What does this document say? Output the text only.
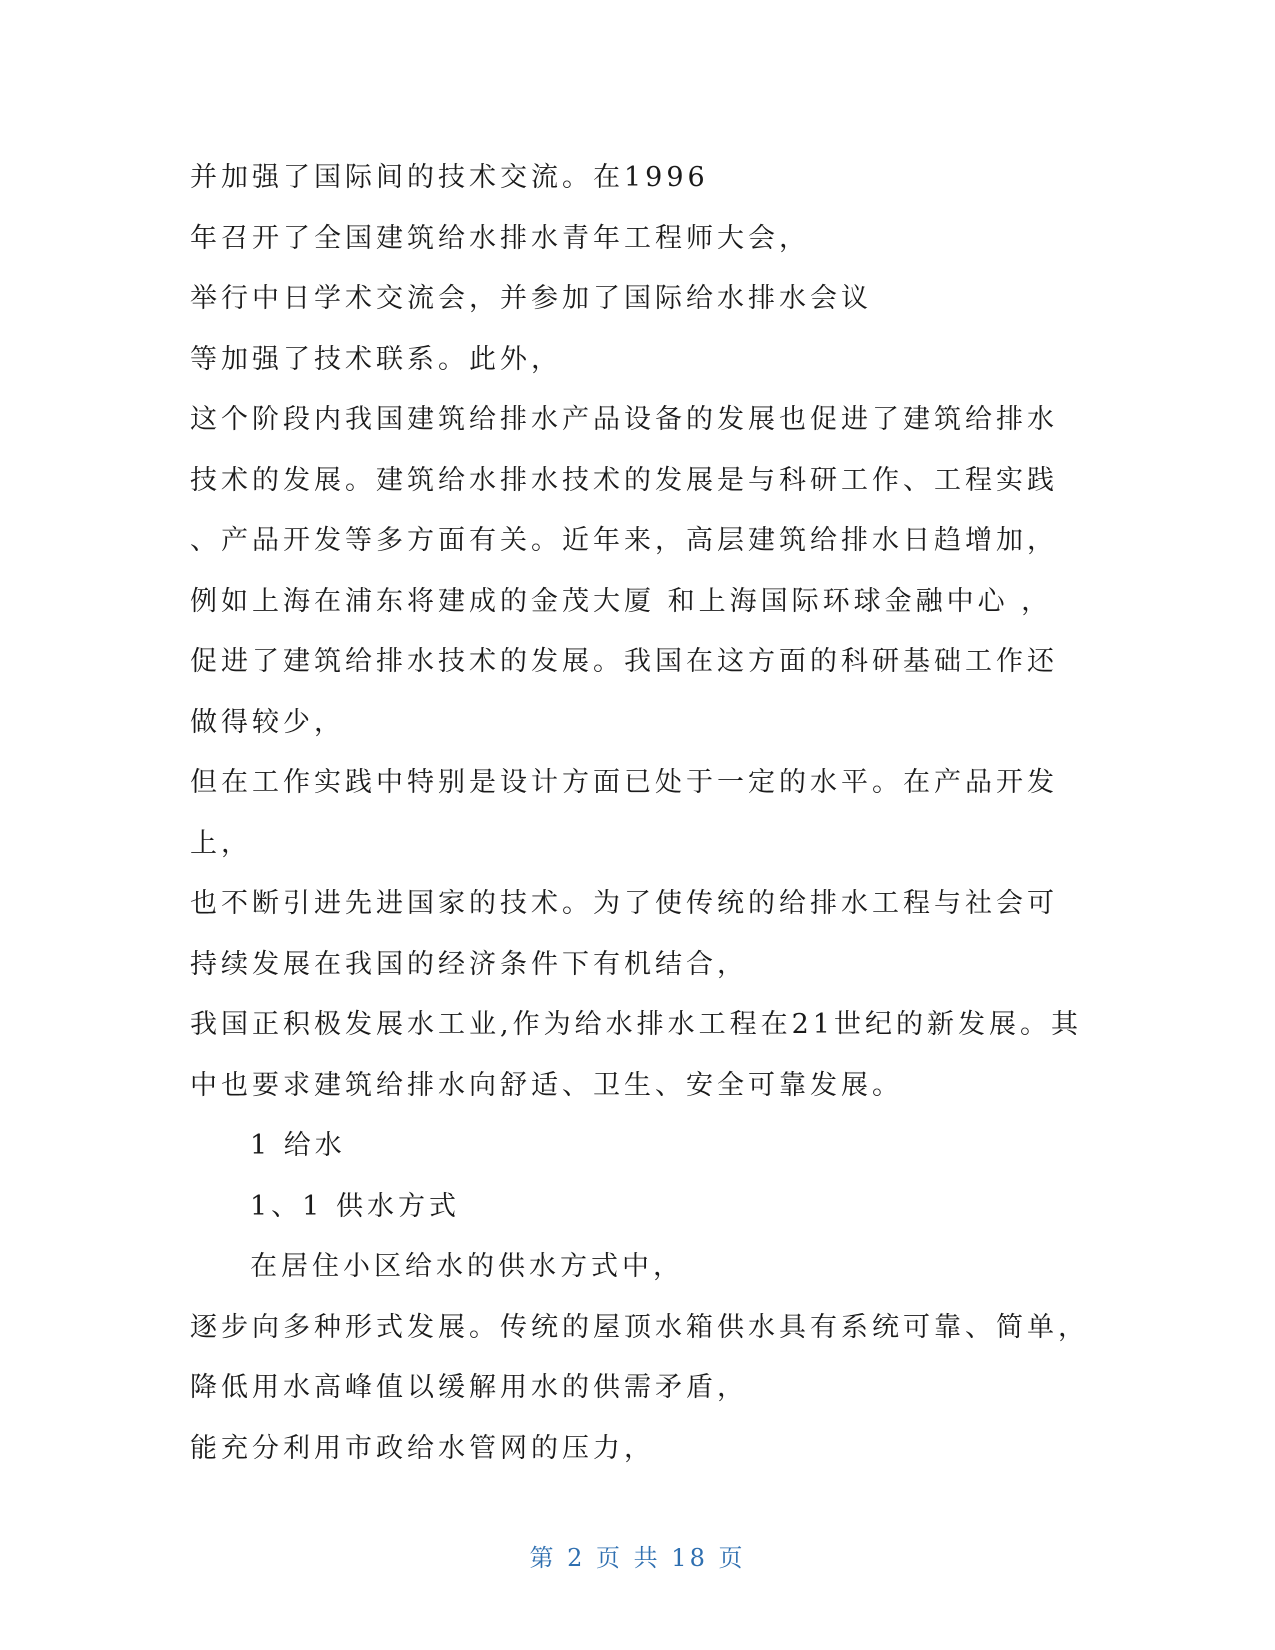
并加强了国际间的技术交流。在1996
年召开了全国建筑给水排水青年工程师大会，
举行中日学术交流会，并参加了国际给水排水会议
等加强了技术联系。此外，
这个阶段内我国建筑给排水产品设备的发展也促进了建筑给排水
技术的发展。建筑给水排水技术的发展是与科研工作、工程实践
、产品开发等多方面有关。近年来，高层建筑给排水日趋增加，
例如上海在浦东将建成的金茂大厦 和上海国际环球金融中心 ，
促进了建筑给排水技术的发展。我国在这方面的科研基础工作还
做得较少，
但在工作实践中特别是设计方面已处于一定的水平。在产品开发
上，
也不断引进先进国家的技术。为了使传统的给排水工程与社会可
持续发展在我国的经济条件下有机结合，
我国正积极发展水工业,作为给水排水工程在21世纪的新发展。其
中也要求建筑给排水向舒适、卫生、安全可靠发展。
1 给水
1、1 供水方式
在居住小区给水的供水方式中，
逐步向多种形式发展。传统的屋顶水箱供水具有系统可靠、简单，
降低用水高峰值以缓解用水的供需矛盾，
能充分利用市政给水管网的压力，
第 2 页 共 18 页
